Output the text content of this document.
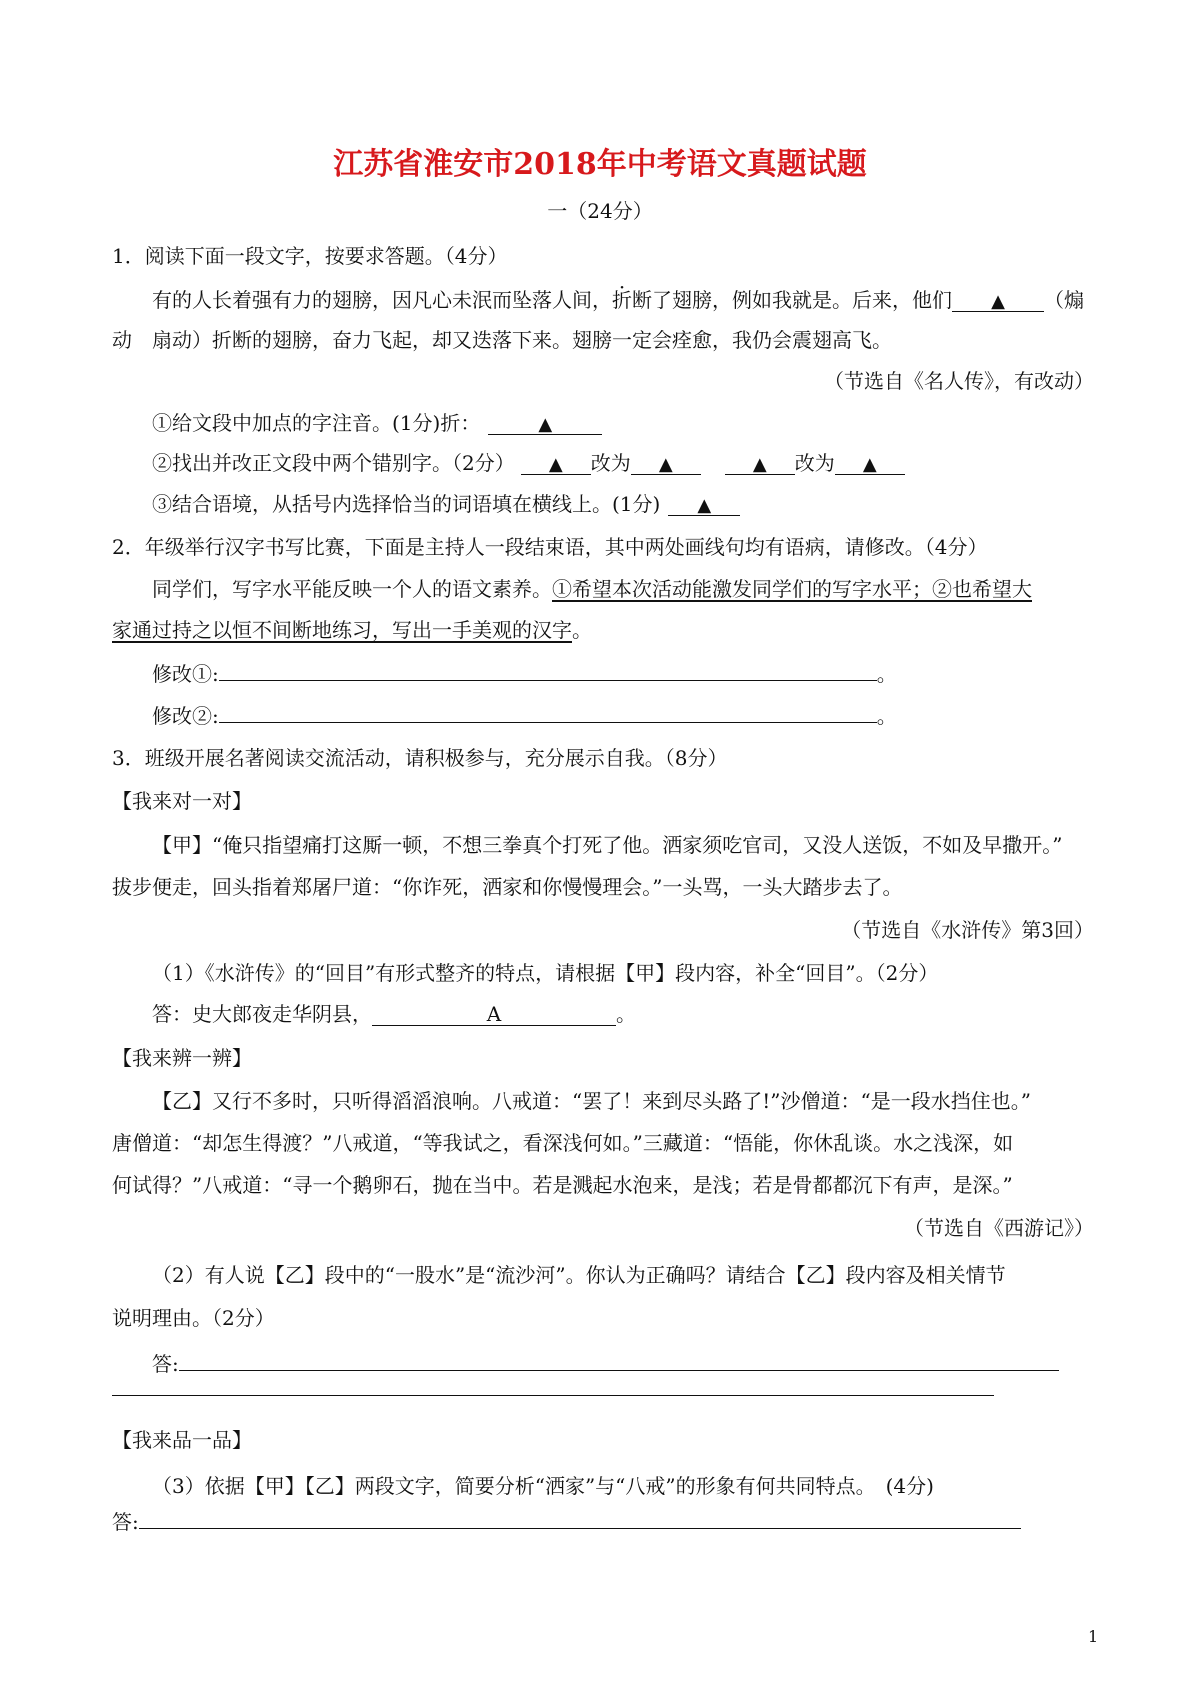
江苏省淮安市2018年中考语文真题试题
一（24分）
1．阅读下面一段文字，按要求答题。（4分）
有的人长着强有力的翅膀，因凡心未泯而坠落人间，折断了翅膀，例如我就是。后来，他们 ▲ （煽
动　扇动）折断的翅膀，奋力飞起，却又迭落下来。翅膀一定会痊愈，我仍会震翅高飞。
（节选自《名人传》，有改动）
①给文段中加点的字注音。(1分)折：	▲
②找出并改正文段中两个错别字。（2分） ▲ 改为 ▲	▲ 改为 ▲
③结合语境，从括号内选择恰当的词语填在横线上。(1分) ▲
2．年级举行汉字书写比赛，下面是主持人一段结束语，其中两处画线句均有语病，请修改。（4分）
同学们，写字水平能反映一个人的语文素养。①希望本次活动能激发同学们的写字水平；②也希望大
家通过持之以恒不间断地练习，写出一手美观的汉字。
修改①:	。
修改②:	。
3．班级开展名著阅读交流活动，请积极参与，充分展示自我。（8分）
【我来对一对】
【甲】“俺只指望痛打这厮一顿，不想三拳真个打死了他。洒家须吃官司，又没人送饭，不如及早撒开。”
拔步便走，回头指着郑屠尸道：“你诈死，洒家和你慢慢理会。”一头骂，一头大踏步去了。
（节选自《水浒传》第3回）
（1）《水浒传》的“回目”有形式整齐的特点，请根据【甲】段内容，补全“回目”。（2分）
答：史大郎夜走华阴县，	A	。
【我来辨一辨】
【乙】又行不多时，只听得滔滔浪响。八戒道：“罢了！来到尽头路了!”沙僧道：“是一段水挡住也。”
唐僧道：“却怎生得渡？”八戒道，“等我试之，看深浅何如。”三藏道：“悟能，你休乱谈。水之浅深，如
何试得？”八戒道：“寻一个鹅卵石，抛在当中。若是溅起水泡来，是浅；若是骨都都沉下有声，是深。”
（节选自《西游记》）
（2）有人说【乙】段中的“一股水”是“流沙河”。你认为正确吗？请结合【乙】段内容及相关情节
说明理由。（2分）
答:
【我来品一品】
（3）依据【甲】【乙】两段文字，简要分析“洒家”与“八戒”的形象有何共同特点。　(4分)
答:
1
